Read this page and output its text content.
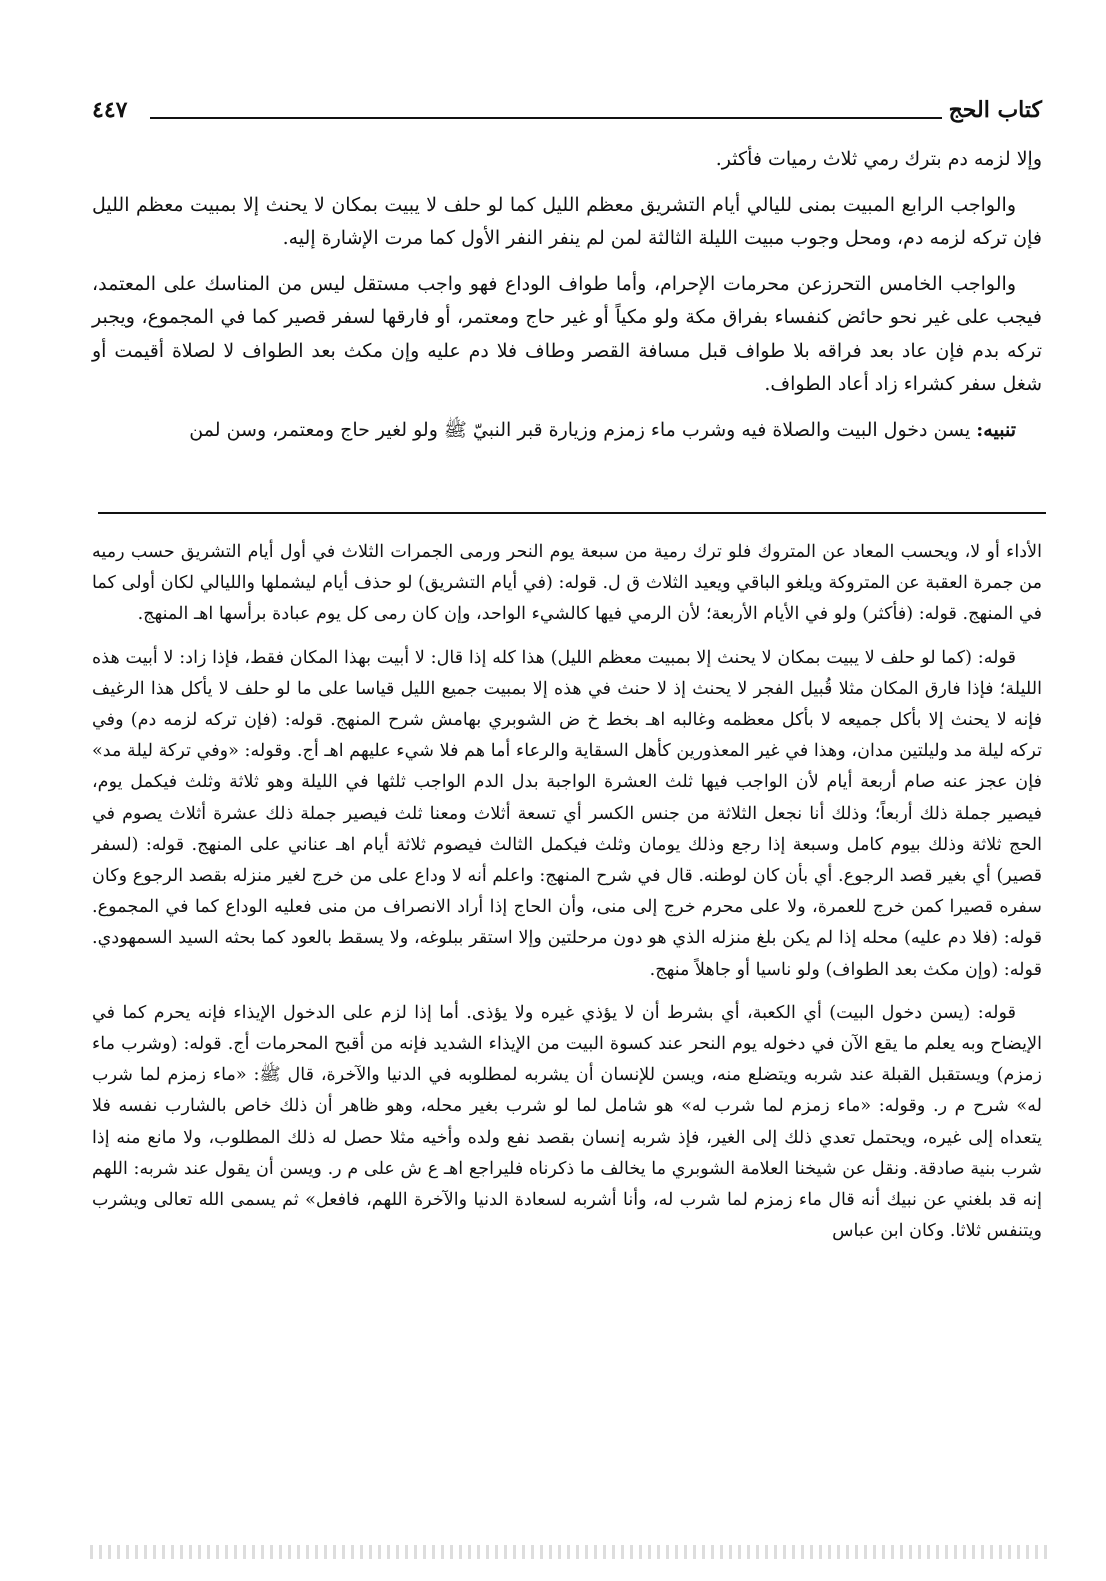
كتاب الحج
٤٤٧

وإلا لزمه دم بترك رمي ثلاث رميات فأكثر.

والواجب الرابع المبيت بمنى لليالي أيام التشريق معظم الليل كما لو حلف لا يبيت بمكان لا يحنث إلا بمبيت معظم الليل فإن تركه لزمه دم، ومحل وجوب مبيت الليلة الثالثة لمن لم ينفر النفر الأول كما مرت الإشارة إليه.

والواجب الخامس التحرزعن محرمات الإحرام، وأما طواف الوداع فهو واجب مستقل ليس من المناسك على المعتمد، فيجب على غير نحو حائض كنفساء بفراق مكة ولو مكياً أو غير حاج ومعتمر، أو فارقها لسفر قصير كما في المجموع، ويجبر تركه بدم فإن عاد بعد فراقه بلا طواف قبل مسافة القصر وطاف فلا دم عليه وإن مكث بعد الطواف لا لصلاة أقيمت أو شغل سفر كشراء زاد أعاد الطواف.

تنبيه: يسن دخول البيت والصلاة فيه وشرب ماء زمزم وزيارة قبر النبيّ ﷺ ولو لغير حاج ومعتمر، وسن لمن

الأداء أو لا، ويحسب المعاد عن المتروك فلو ترك رمية من سبعة يوم النحر ورمى الجمرات الثلاث في أول أيام التشريق حسب رميه من جمرة العقبة عن المتروكة ويلغو الباقي ويعيد الثلاث ق ل. قوله: (في أيام التشريق) لو حذف أيام ليشملها والليالي لكان أولى كما في المنهج. قوله: (فأكثر) ولو في الأيام الأربعة؛ لأن الرمي فيها كالشيء الواحد، وإن كان رمى كل يوم عبادة برأسها اهـ المنهج.

قوله: (كما لو حلف لا يبيت بمكان لا يحنث إلا بمبيت معظم الليل) هذا كله إذا قال: لا أبيت بهذا المكان فقط، فإذا زاد: لا أبيت هذه الليلة؛ فإذا فارق المكان مثلا قُبيل الفجر لا يحنث إذ لا حنث في هذه إلا بمبيت جميع الليل قياسا على ما لو حلف لا يأكل هذا الرغيف فإنه لا يحنث إلا بأكل جميعه لا بأكل معظمه وغالبه اهـ بخط خ ض الشوبري بهامش شرح المنهج. قوله: (فإن تركه لزمه دم) وفي تركه ليلة مد وليلتين مدان، وهذا في غير المعذورين كأهل السقاية والرعاء أما هم فلا شيء عليهم اهـ أج. وقوله: «وفي تركة ليلة مد» فإن عجز عنه صام أربعة أيام لأن الواجب فيها ثلث العشرة الواجبة بدل الدم الواجب ثلثها في الليلة وهو ثلاثة وثلث فيكمل يوم، فيصير جملة ذلك أربعاً؛ وذلك أنا نجعل الثلاثة من جنس الكسر أي تسعة أثلاث ومعنا ثلث فيصير جملة ذلك عشرة أثلاث يصوم في الحج ثلاثة وذلك بيوم كامل وسبعة إذا رجع وذلك يومان وثلث فيكمل الثالث فيصوم ثلاثة أيام اهـ عناني على المنهج. قوله: (لسفر قصير) أي بغير قصد الرجوع. أي بأن كان لوطنه. قال في شرح المنهج: واعلم أنه لا وداع على من خرج لغير منزله بقصد الرجوع وكان سفره قصيرا كمن خرج للعمرة، ولا على محرم خرج إلى منى، وأن الحاج إذا أراد الانصراف من منى فعليه الوداع كما في المجموع. قوله: (فلا دم عليه) محله إذا لم يكن بلغ منزله الذي هو دون مرحلتين وإلا استقر ببلوغه، ولا يسقط بالعود كما بحثه السيد السمهودي. قوله: (وإن مكث بعد الطواف) ولو ناسيا أو جاهلاً منهج.

قوله: (يسن دخول البيت) أي الكعبة، أي بشرط أن لا يؤذي غيره ولا يؤذى. أما إذا لزم على الدخول الإيذاء فإنه يحرم كما في الإيضاح وبه يعلم ما يقع الآن في دخوله يوم النحر عند كسوة البيت من الإيذاء الشديد فإنه من أقبح المحرمات أج. قوله: (وشرب ماء زمزم) ويستقبل القبلة عند شربه ويتضلع منه، ويسن للإنسان أن يشربه لمطلوبه في الدنيا والآخرة، قال ﷺ: «ماء زمزم لما شرب له» شرح م ر. وقوله: «ماء زمزم لما شرب له» هو شامل لما لو شرب بغير محله، وهو ظاهر أن ذلك خاص بالشارب نفسه فلا يتعداه إلى غيره، ويحتمل تعدي ذلك إلى الغير، فإذ شربه إنسان بقصد نفع ولده وأخيه مثلا حصل له ذلك المطلوب، ولا مانع منه إذا شرب بنية صادقة. ونقل عن شيخنا العلامة الشوبري ما يخالف ما ذكرناه فليراجع اهـ ع ش على م ر. ويسن أن يقول عند شربه: اللهم إنه قد بلغني عن نبيك أنه قال ماء زمزم لما شرب له، وأنا أشربه لسعادة الدنيا والآخرة اللهم، فافعل» ثم يسمى الله تعالى ويشرب ويتنفس ثلاثا. وكان ابن عباس
